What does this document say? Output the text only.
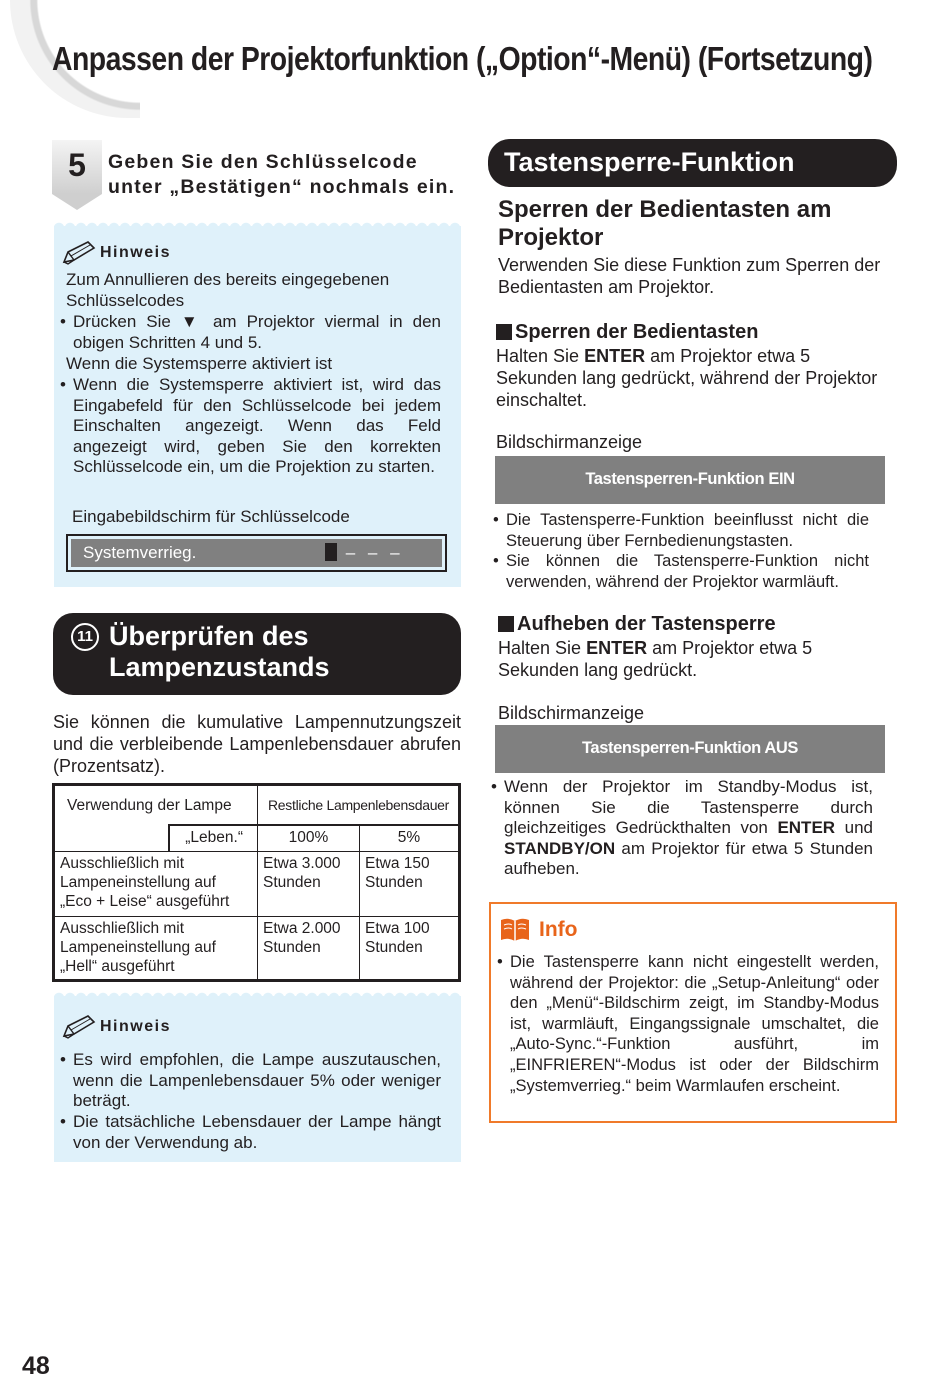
Anpassen der Projektorfunktion („Option“-Menü) (Fortsetzung)
5	Geben Sie den Schlüsselcode unter „Bestätigen“ nochmals ein.

Hinweis

Zum Annullieren des bereits eingegebenen Schlüsselcodes

• Drücken Sie ▼ am Projektor viermal in den obigen Schritten 4 und 5.

Wenn die Systemsperre aktiviert ist

• Wenn die Systemsperre aktiviert ist, wird das Eingabefeld für den Schlüsselcode bei jedem Einschalten angezeigt. Wenn das Feld angezeigt wird, geben Sie den korrekten Schlüsselcode ein, um die Projektion zu starten.

Eingabebildschirm für Schlüsselcode

Systemverrieg.	– – –
11 Überprüfen des
Lampenzustands

Sie können die kumulative Lampennutzungszeit und die verbleibende Lampenlebensdauer abrufen (Prozentsatz).

Verwendung der Lampe		Restliche Lampenlebensdauer	
	„Leben.“	100%	5%
Ausschließlich mit Lampeneinstellung auf „Eco + Leise“ ausgeführt		Etwa 3.000 Stunden	Etwa 150 Stunden
Ausschließlich mit Lampeneinstellung auf „Hell“ ausgeführt		Etwa 2.000 Stunden	Etwa 100 Stunden
Hinweis

• Es wird empfohlen, die Lampe auszutauschen, wenn die Lampenlebensdauer 5% oder weniger beträgt.

• Die tatsächliche Lebensdauer der Lampe hängt von der Verwendung ab.

Tastensperre-Funktion
Sperren der Bedientasten am Projektor

Verwenden Sie diese Funktion zum Sperren der Bedientasten am Projektor.

Sperren der Bedientasten

Halten Sie ENTER am Projektor etwa 5 Sekunden lang gedrückt, während der Projektor einschaltet.

Bildschirmanzeige

Tastensperren-Funktion EIN

• Die Tastensperre-Funktion beeinflusst nicht die Steuerung über Fernbedienungstasten.

• Sie können die Tastensperre-Funktion nicht verwenden, während der Projektor warmläuft.

Aufheben der Tastensperre

Halten Sie ENTER am Projektor etwa 5 Sekunden lang gedrückt.

Bildschirmanzeige

Tastensperren-Funktion AUS

• Wenn der Projektor im Standby-Modus ist, können Sie die Tastensperre durch gleichzeitiges Gedrückthalten von ENTER und STANDBY/ON am Projektor für etwa 5 Stunden aufheben.

Info

• Die Tastensperre kann nicht eingestellt werden, während der Projektor: die „Setup-Anleitung“ oder den „Menü“-Bildschirm zeigt, im Standby-Modus ist, warmläuft, Eingangssignale umschaltet, die „Auto-Sync.“-Funktion ausführt, im „EINFRIEREN“-Modus ist oder der Bildschirm „Systemverrieg.“ beim Warmlaufen erscheint.

48
